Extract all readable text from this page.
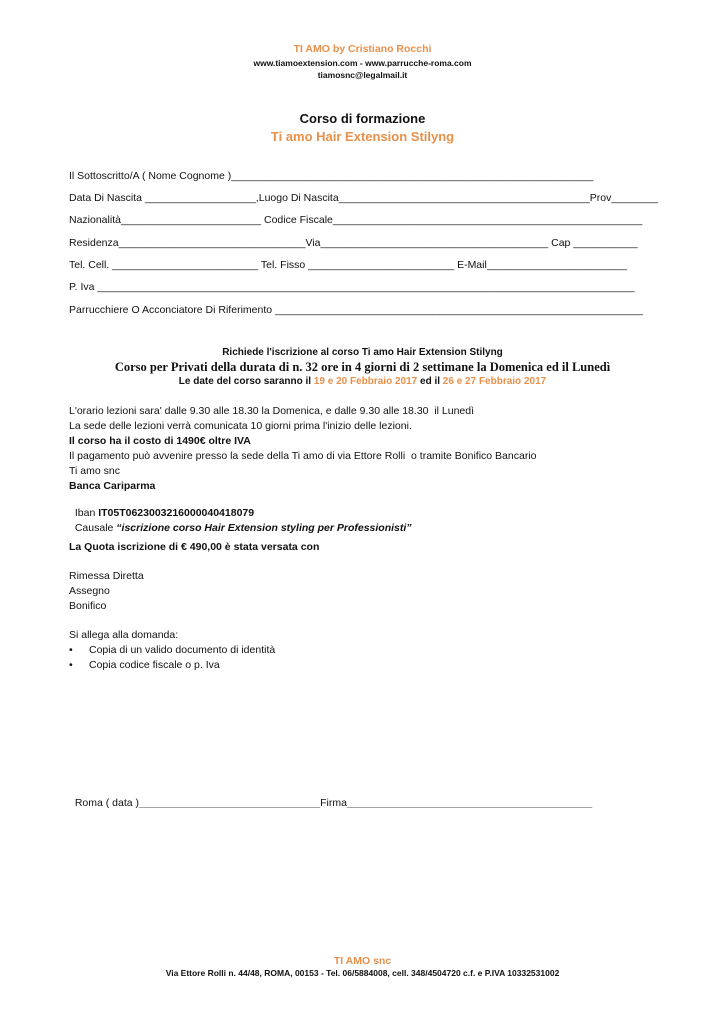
TI AMO by Cristiano Rocchi
www.tiamoextension.com - www.parrucche-roma.com
tiamosnc@legalmail.it
Corso di formazione
Ti amo Hair Extension Stilyng
Il Sottoscritto/A ( Nome Cognome )______________________________________________________________
Data Di Nascita ___________________,Luogo Di Nascita___________________________________________Prov________
Nazionalità________________________ Codice Fiscale_____________________________________________________
Residenza________________________________Via_______________________________________ Cap ___________
Tel. Cell. _________________________ Tel. Fisso _________________________ E-Mail________________________
P. Iva ____________________________________________________________________________________________
Parrucchiere O Acconciatore Di Riferimento _______________________________________________________________
Richiede l'iscrizione al corso Ti amo Hair Extension Stilyng
Corso per Privati della durata di n. 32 ore in 4 giorni di 2 settimane la Domenica ed il Lunedì
Le date del corso saranno il 19 e 20 Febbraio 2017 ed il 26 e 27 Febbraio 2017
L'orario lezioni sara' dalle 9.30 alle 18.30 la Domenica, e dalle 9.30 alle 18.30  il Lunedì
La sede delle lezioni verrà comunicata 10 giorni prima l'inizio delle lezioni.
Il corso ha il costo di 1490€ oltre IVA
Il pagamento può avvenire presso la sede della Ti amo di via Ettore Rolli  o tramite Bonifico Bancario
Ti amo snc
Banca Cariparma

Iban IT05T0623003216000040418079

Causale “iscrizione corso Hair Extension styling per Professionisti”

La Quota iscrizione di € 490,00 è stata versata con
Rimessa Diretta
Assegno
Bonifico
Si allega alla domanda:
• Copia di un valido documento di identità
• Copia codice fiscale o p. Iva

Roma ( data )_______________________________Firma__________________________________________

TI AMO snc
Via Ettore Rolli n. 44/48, ROMA, 00153 - Tel. 06/5884008, cell. 348/4504720 c.f. e P.IVA 10332531002
